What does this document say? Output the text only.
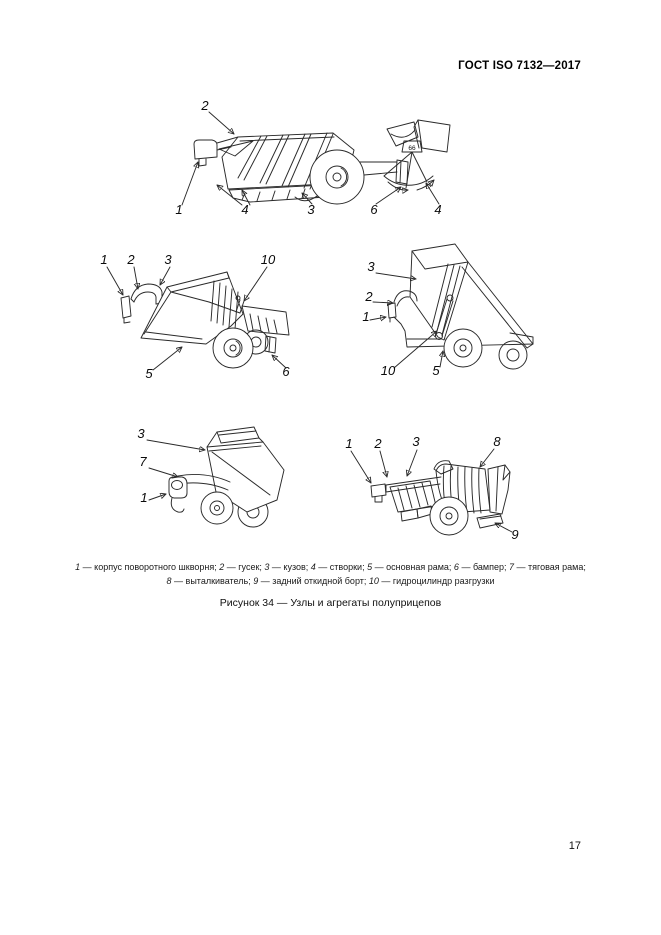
ГОСТ ISO 7132—2017
2
1	4	3	6	4
66
1 2 3	10
5	6
3
2
1
10	5
3
7
1
1 2 3	8
9
1 — корпус поворотного шкворня; 2 — гусек; 3 — кузов; 4 — створки; 5 — основная рама; 6 — бампер; 7 — тяговая рама;
8 — выталкиватель; 9 — задний откидной борт; 10 — гидроцилиндр разгрузки
Рисунок 34 — Узлы и агрегаты полуприцепов
17
